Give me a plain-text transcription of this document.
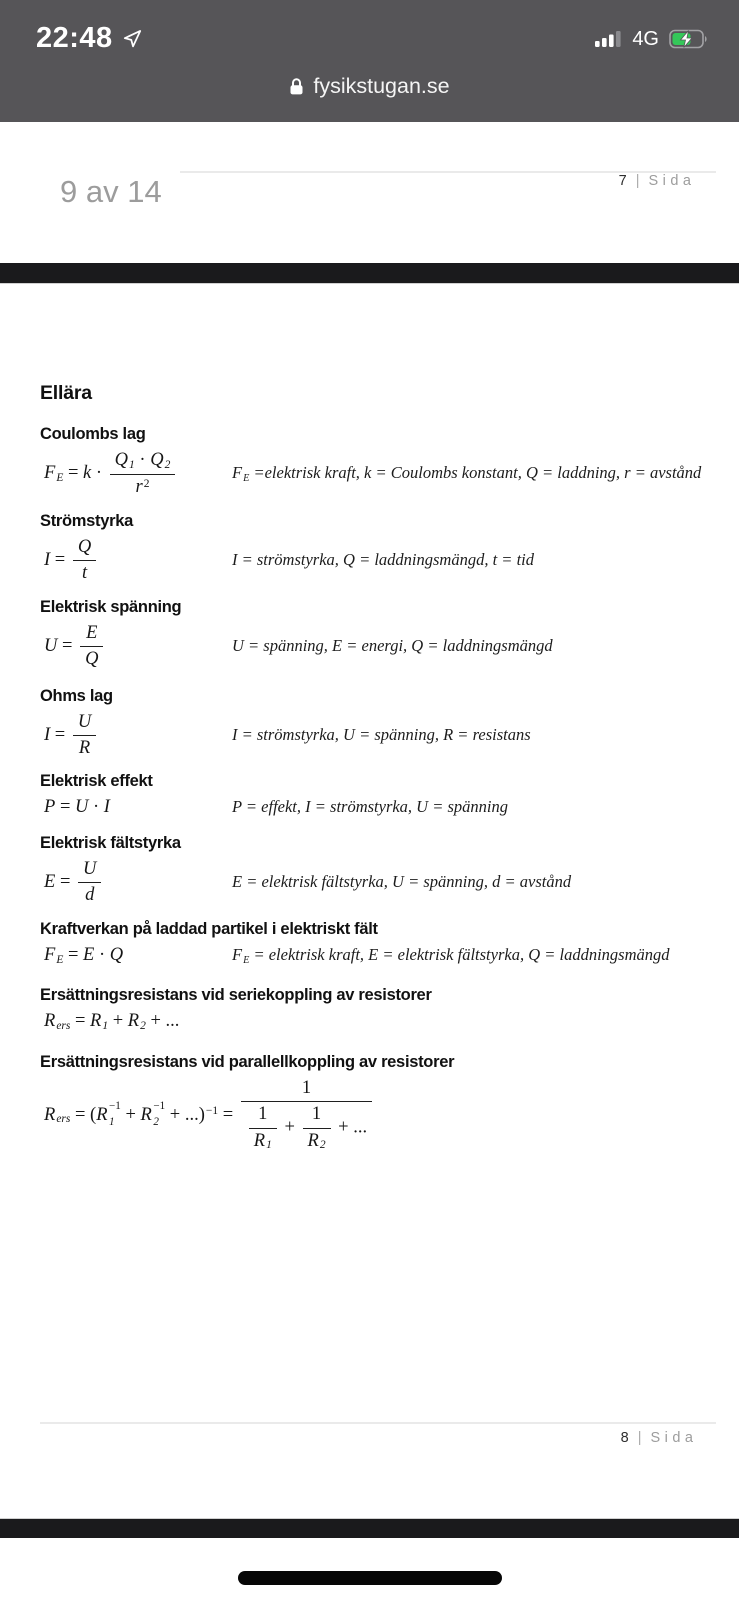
22:48	4G
fysikstugan.se
9 av 14	7 | Sida
Ellära
Coulombs lag
FE = $k \cdot \frac{Q1 \cdot Q2}{r^2}$	FE =elektrisk kraft, k = Coulombs konstant, Q = laddning, r = avstånd
Strömstyrka
$I = \frac{Q}{t}$	I = strömstyrka, Q = laddningsmängd, t = tid
Elektrisk spänning
$U = \frac{E}{Q}$	U = spänning, E = energi, Q = laddningsmängd
Ohms lag
$I = \frac{U}{R}$	I = strömstyrka, U = spänning, R = resistans
Elektrisk effekt
P = U · I	P = effekt, I = strömstyrka, U = spänning
Elektrisk fältstyrka
$E = \frac{U}{d}$	E = elektrisk fältstyrka, U = spänning, d = avstånd
Kraftverkan på laddad partikel i elektriskt fält
FE = E · Q	FE = elektrisk kraft, E = elektrisk fältstyrka, Q = laddningsmängd
Ersättningsresistans vid seriekoppling av resistorer
Rers = R1 + R2 + ...
Ersättningsresistans vid parallellkoppling av resistorer
Rers = (R −1
1 + R −1
$2 + ...)^{-1} = \frac{1}{\frac{1}{R1} + \frac{1}{R2} + ...}$
8 | Sida
